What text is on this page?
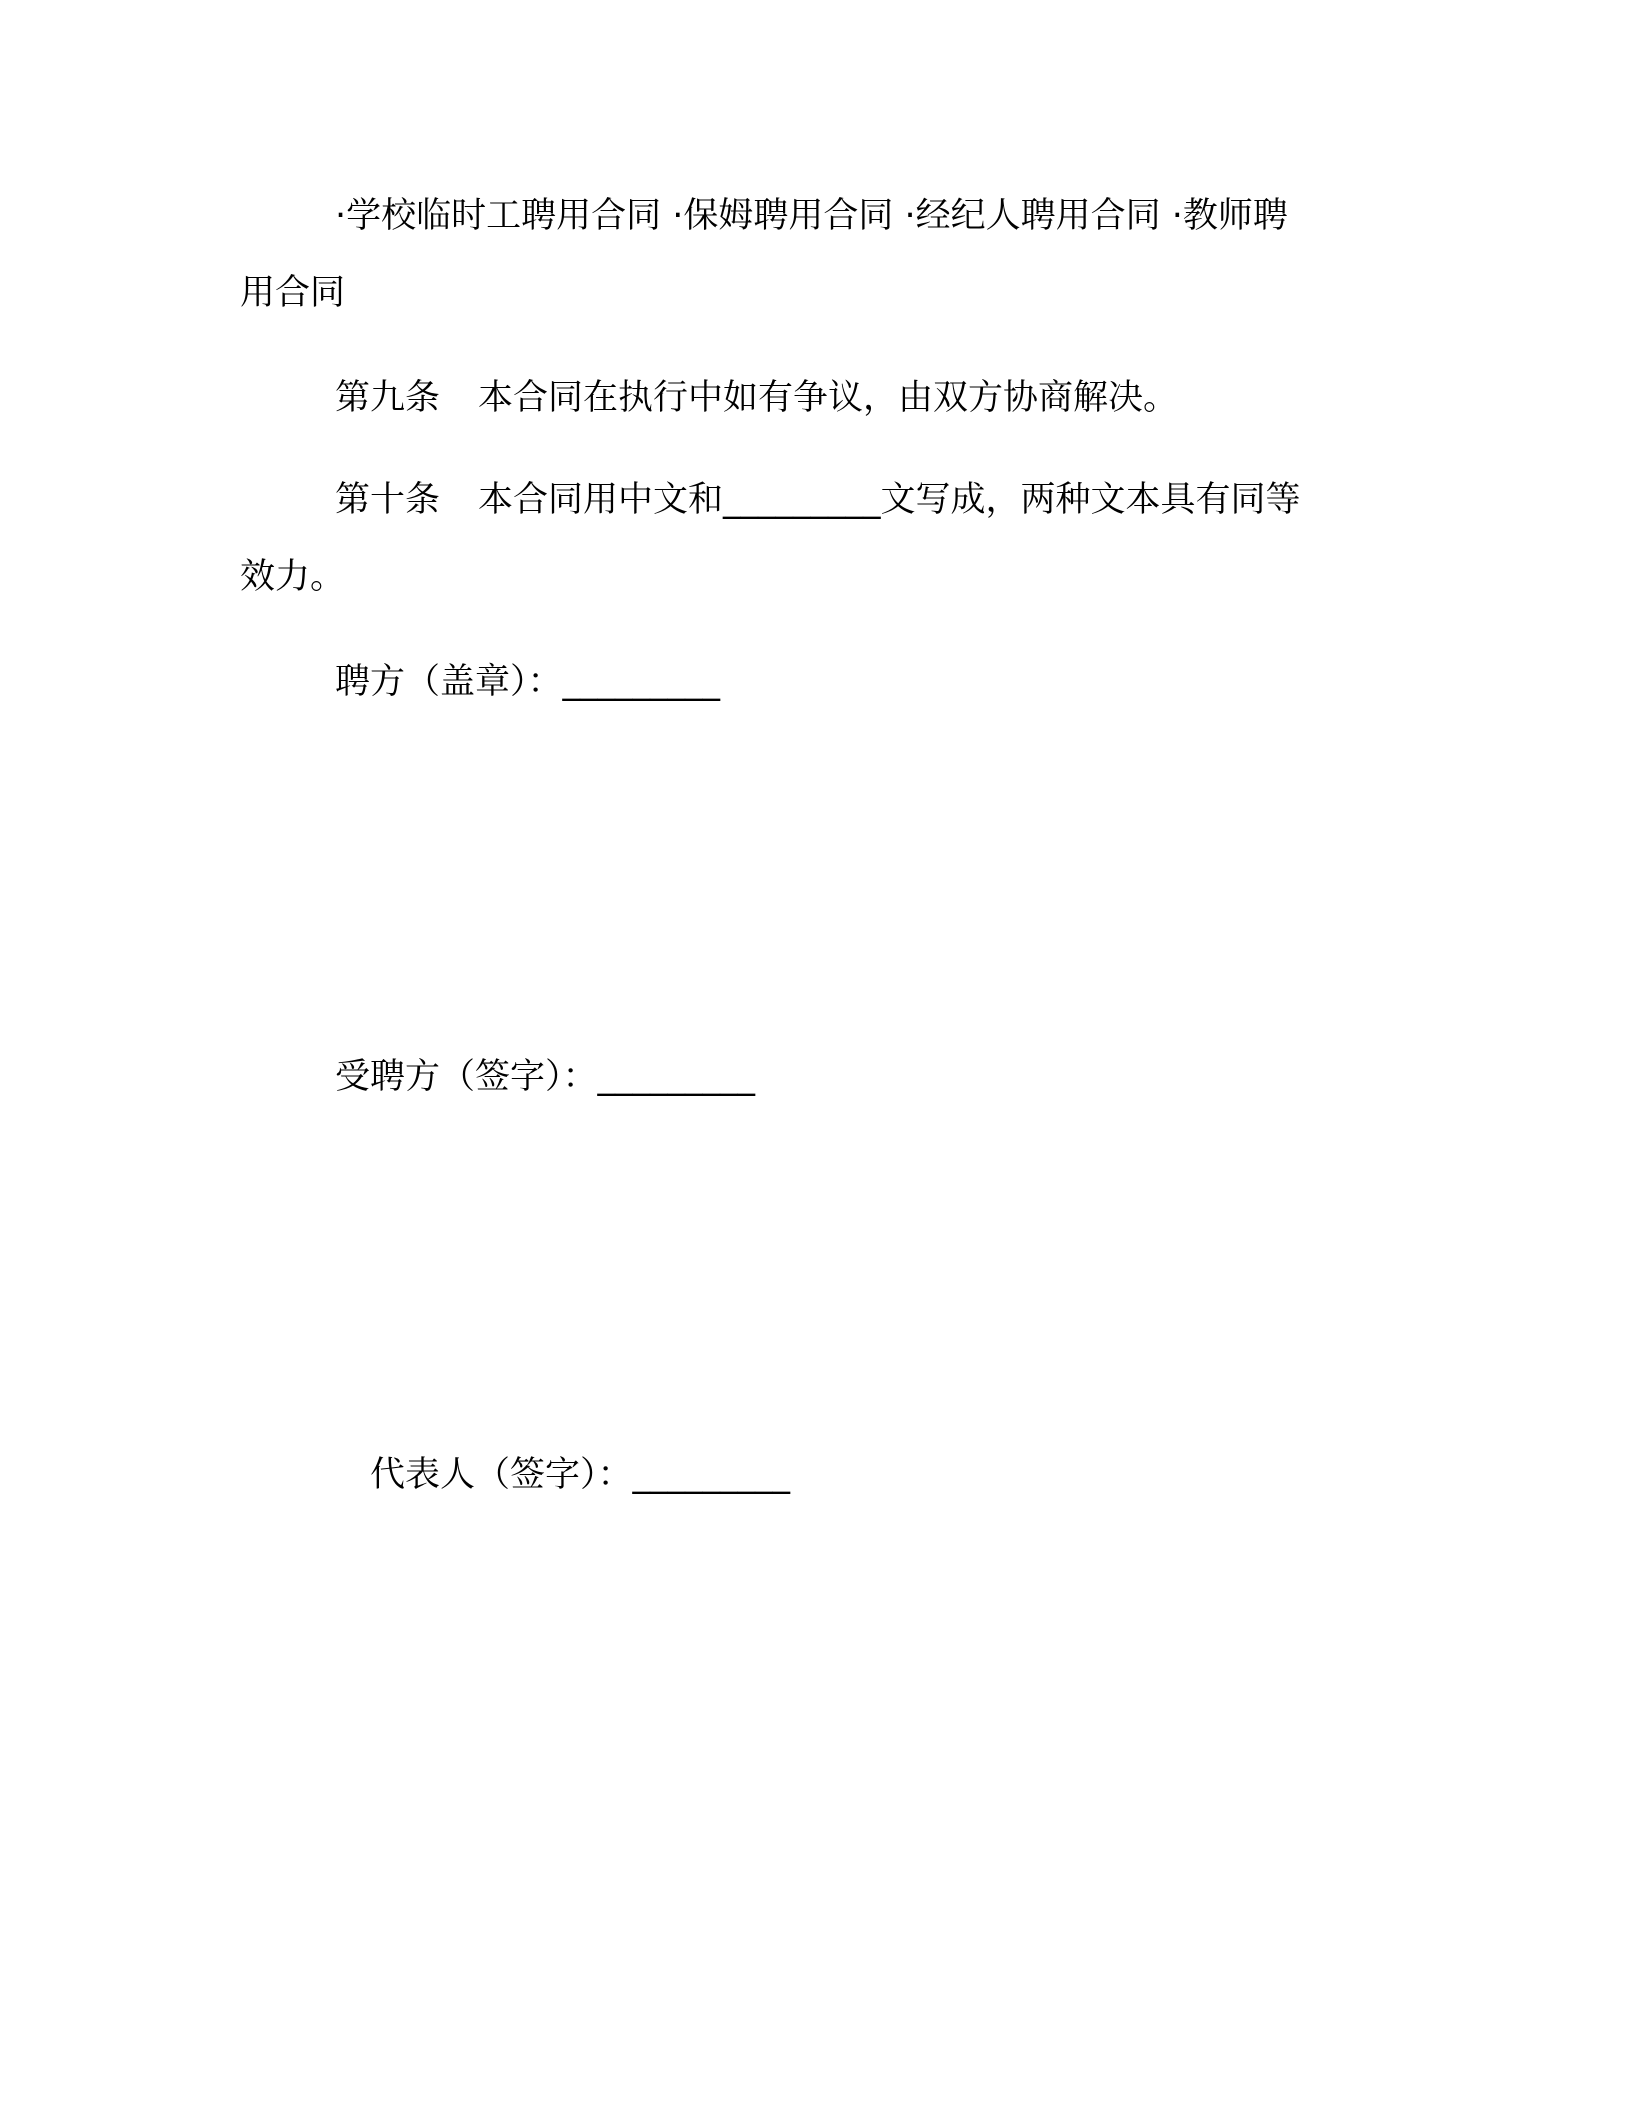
·学校临时工聘用合同 ·保姆聘用合同 ·经纪人聘用合同 ·教师聘
用合同
第九条 本合同在执行中如有争议，由双方协商解决。
第十条 本合同用中文和_________文写成，两种文本具有同等
效力。
聘方（盖章）：_________
受聘方（签字）：_________
代表人（签字）：_________
